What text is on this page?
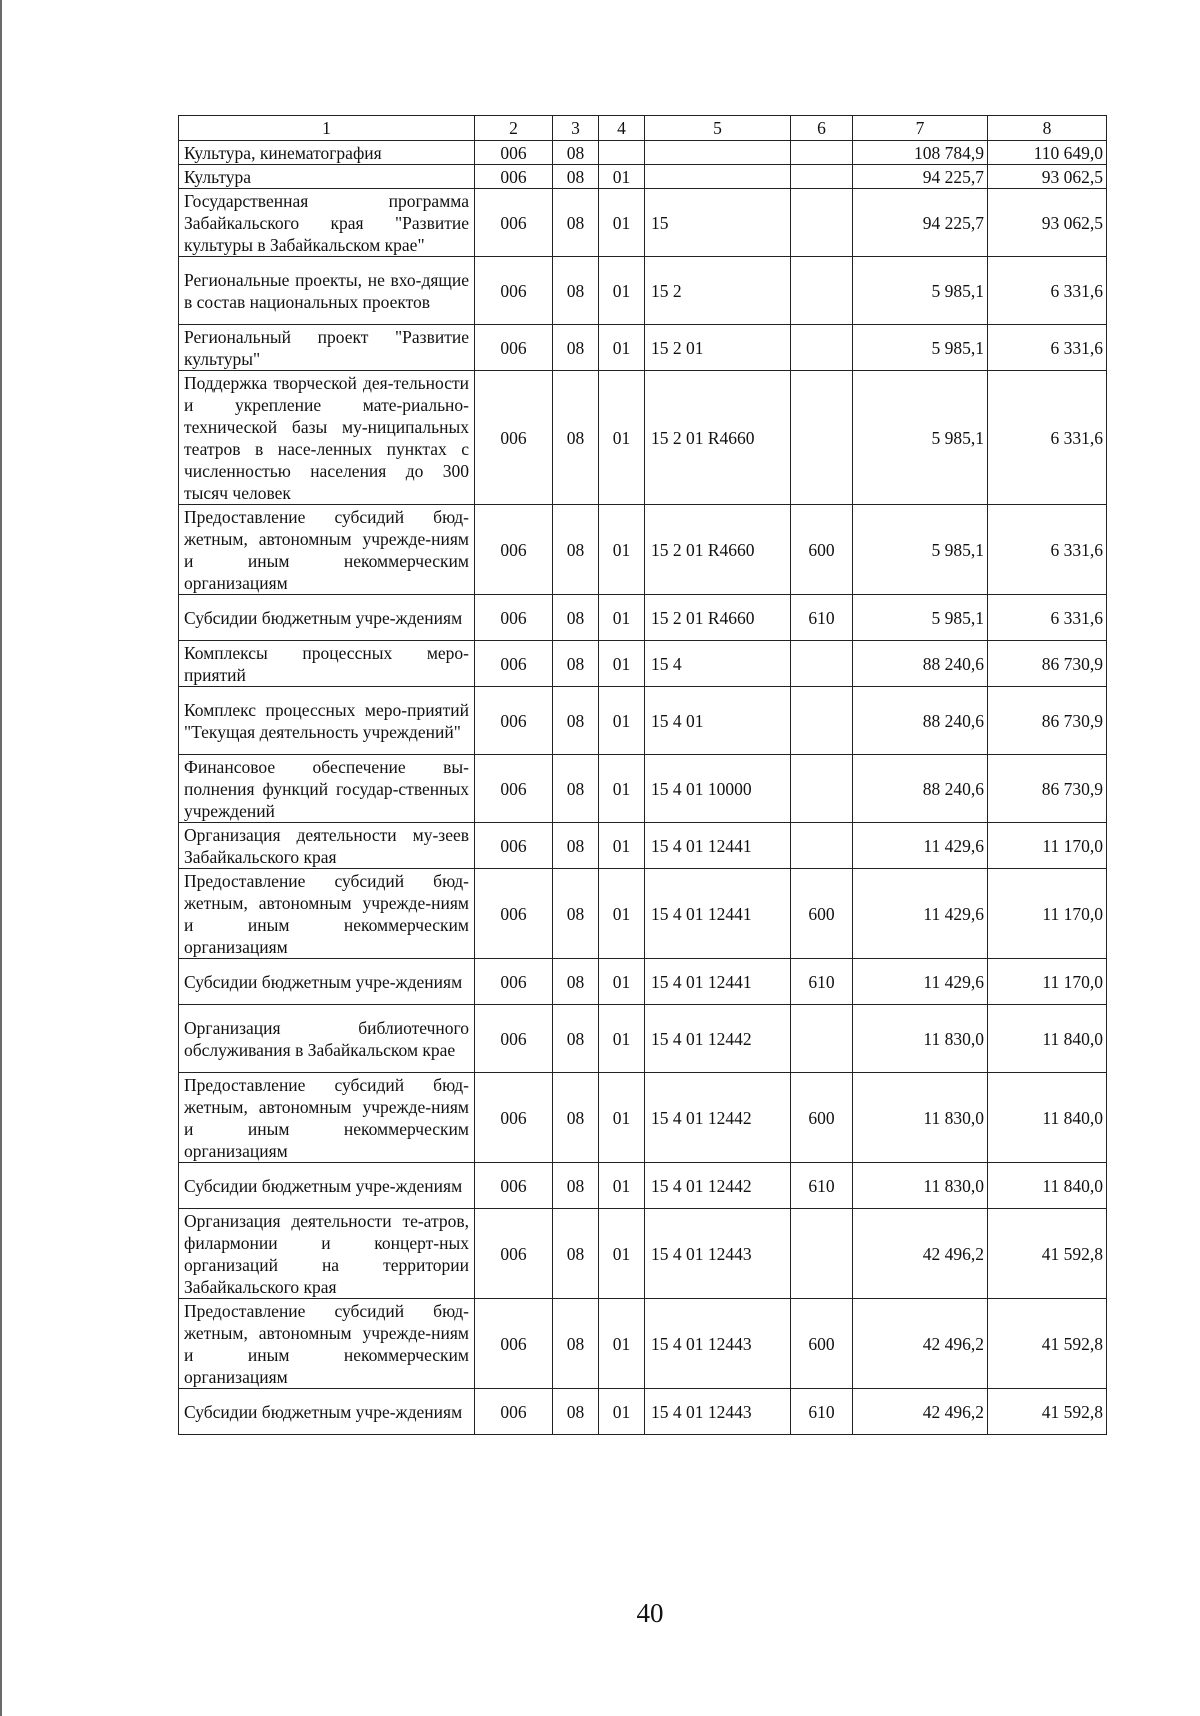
1	2	3	4	5	6	7	8
Культура, кинематография	006	08				108 784,9	110 649,0
Культура	006	08	01			94 225,7	93 062,5
Государственная программа Забайкальского края "Развитие культуры в Забайкальском крае"	006	08	01	15		94 225,7	93 062,5
Региональные проекты, не вхо-дящие в состав национальных проектов	006	08	01	15 2		5 985,1	6 331,6
Региональный проект "Развитие культуры"	006	08	01	15 2 01		5 985,1	6 331,6
Поддержка творческой дея-тельности и укрепление мате-риально-технической базы му-ниципальных театров в насе-ленных пунктах с численностью населения до 300 тысяч человек	006	08	01	15 2 01 R4660		5 985,1	6 331,6
Предоставление субсидий бюд-жетным, автономным учрежде-ниям и иным некоммерческим организациям	006	08	01	15 2 01 R4660	600	5 985,1	6 331,6
Субсидии бюджетным учре-ждениям	006	08	01	15 2 01 R4660	610	5 985,1	6 331,6
Комплексы процессных меро-приятий	006	08	01	15 4		88 240,6	86 730,9
Комплекс процессных меро-приятий "Текущая деятельность учреждений"	006	08	01	15 4 01		88 240,6	86 730,9
Финансовое обеспечение вы-полнения функций государ-ственных учреждений	006	08	01	15 4 01 10000		88 240,6	86 730,9
Организация деятельности му-зеев Забайкальского края	006	08	01	15 4 01 12441		11 429,6	11 170,0
Предоставление субсидий бюд-жетным, автономным учрежде-ниям и иным некоммерческим организациям	006	08	01	15 4 01 12441	600	11 429,6	11 170,0
Субсидии бюджетным учре-ждениям	006	08	01	15 4 01 12441	610	11 429,6	11 170,0
Организация библиотечного обслуживания в Забайкальском крае	006	08	01	15 4 01 12442		11 830,0	11 840,0
Предоставление субсидий бюд-жетным, автономным учрежде-ниям и иным некоммерческим организациям	006	08	01	15 4 01 12442	600	11 830,0	11 840,0
Субсидии бюджетным учре-ждениям	006	08	01	15 4 01 12442	610	11 830,0	11 840,0
Организация деятельности те-атров, филармонии и концерт-ных организаций на территории Забайкальского края	006	08	01	15 4 01 12443		42 496,2	41 592,8
Предоставление субсидий бюд-жетным, автономным учрежде-ниям и иным некоммерческим организациям	006	08	01	15 4 01 12443	600	42 496,2	41 592,8
Субсидии бюджетным учре-ждениям	006	08	01	15 4 01 12443	610	42 496,2	41 592,8
40
